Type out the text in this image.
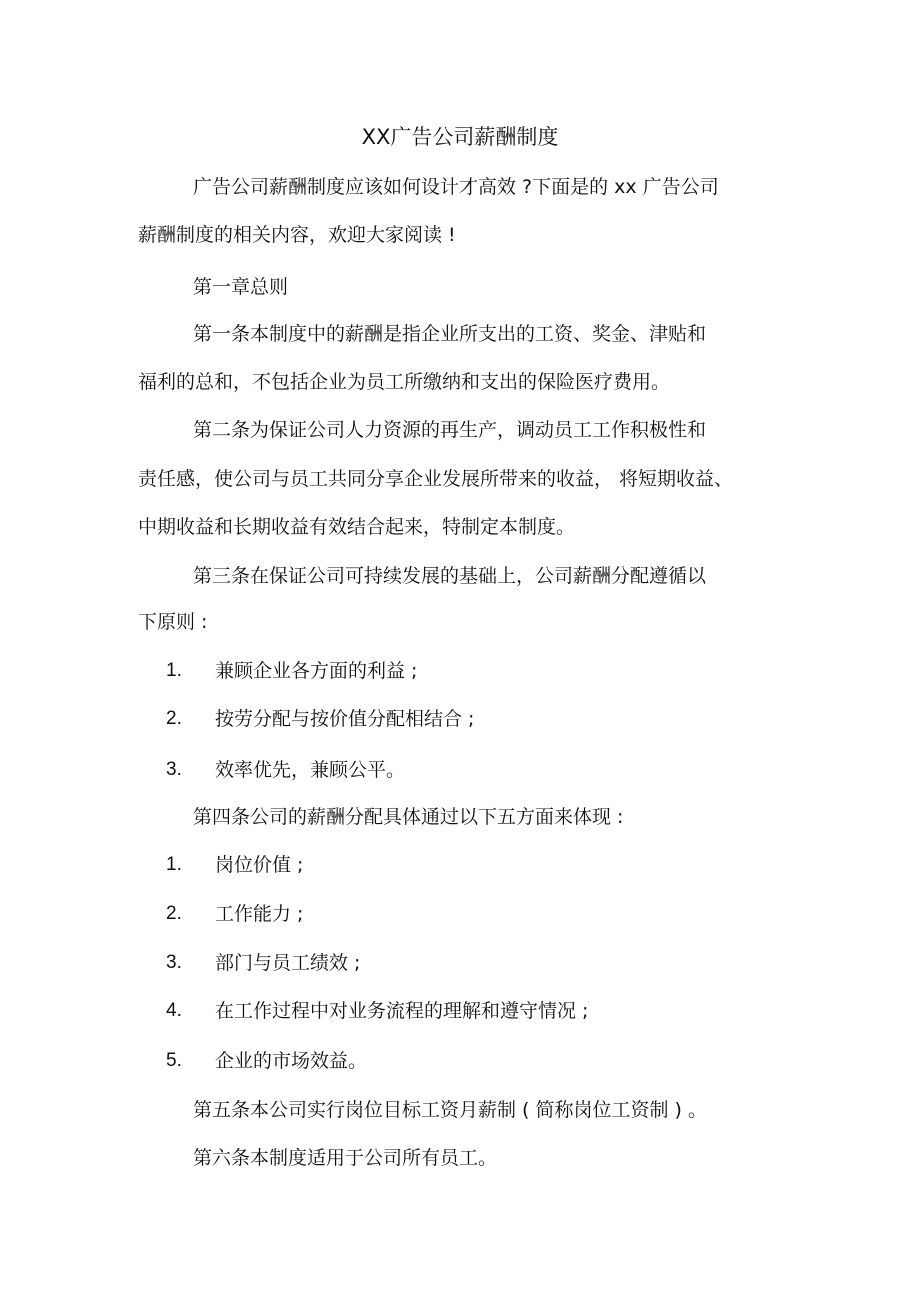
XX广告公司薪酬制度
广告公司薪酬制度应该如何设计才高效 ?下面是的 xx 广告公司
薪酬制度的相关内容，欢迎大家阅读 !
第一章总则
第一条本制度中的薪酬是指企业所支出的工资、奖金、津贴和
福利的总和，不包括企业为员工所缴纳和支出的保险医疗费用。
第二条为保证公司人力资源的再生产，调动员工工作积极性和
责任感，使公司与员工共同分享企业发展所带来的收益， 将短期收益、
中期收益和长期收益有效结合起来，特制定本制度。
第三条在保证公司可持续发展的基础上，公司薪酬分配遵循以
下原则 :
1. 兼顾企业各方面的利益 ;
2. 按劳分配与按价值分配相结合 ;
3. 效率优先，兼顾公平。
第四条公司的薪酬分配具体通过以下五方面来体现 :
1. 岗位价值 ;
2. 工作能力 ;
3. 部门与员工绩效 ;
4. 在工作过程中对业务流程的理解和遵守情况 ;
5. 企业的市场效益。
第五条本公司实行岗位目标工资月薪制 ( 简称岗位工资制 ) 。
第六条本制度适用于公司所有员工。
